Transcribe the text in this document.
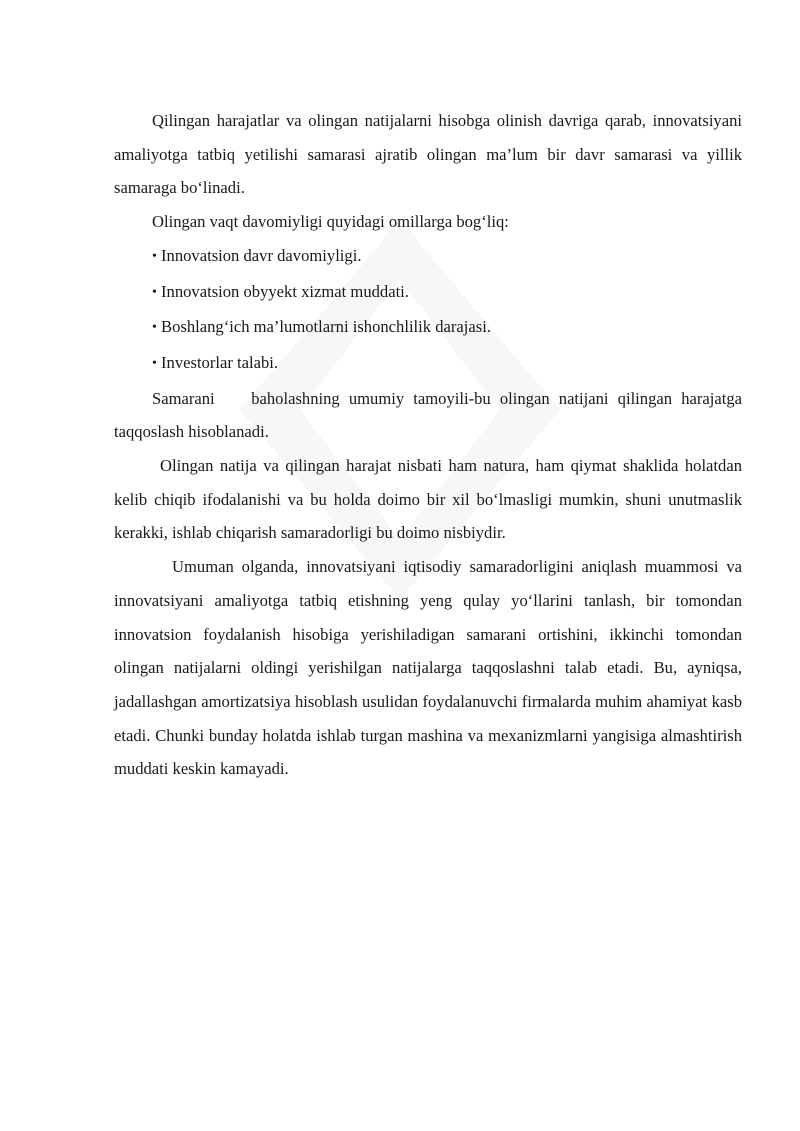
Qilingan harajatlar va olingan natijalarni hisobga olinish davriga qarab, innovatsiyani amaliyotga tatbiq yetilishi samarasi ajratib olingan ma’lum bir davr samarasi va yillik samaraga bo‘linadi.

Olingan vaqt davomiyligi quyidagi omillarga bog‘liq:

• Innovatsion davr davomiyligi.

• Innovatsion obyyekt xizmat muddati.

• Boshlang‘ich ma’lumotlarni ishonchlilik darajasi.

• Investorlar talabi.

Samarani    baholashning umumiy tamoyili-bu olingan natijani qilingan harajatga taqqoslash hisoblanadi.

Olingan natija va qilingan harajat nisbati ham natura, ham qiymat shaklida holatdan kelib chiqib ifodalanishi va bu holda doimo bir xil bo‘lmasligi mumkin, shuni unutmaslik kerakki, ishlab chiqarish samaradorligi bu doimo nisbiydir.

Umuman olganda, innovatsiyani iqtisodiy samaradorligini aniqlash muammosi va innovatsiyani amaliyotga tatbiq etishning yeng qulay yo‘llarini tanlash, bir tomondan innovatsion foydalanish hisobiga yerishiladigan samarani ortishini, ikkinchi tomondan olingan natijalarni oldingi yerishilgan natijalarga taqqoslashni talab etadi. Bu, ayniqsa, jadallashgan amortizatsiya hisoblash usulidan foydalanuvchi firmalarda muhim ahamiyat kasb etadi. Chunki bunday holatda ishlab turgan mashina va mexanizmlarni yangisiga almashtirish muddati keskin kamayadi.
